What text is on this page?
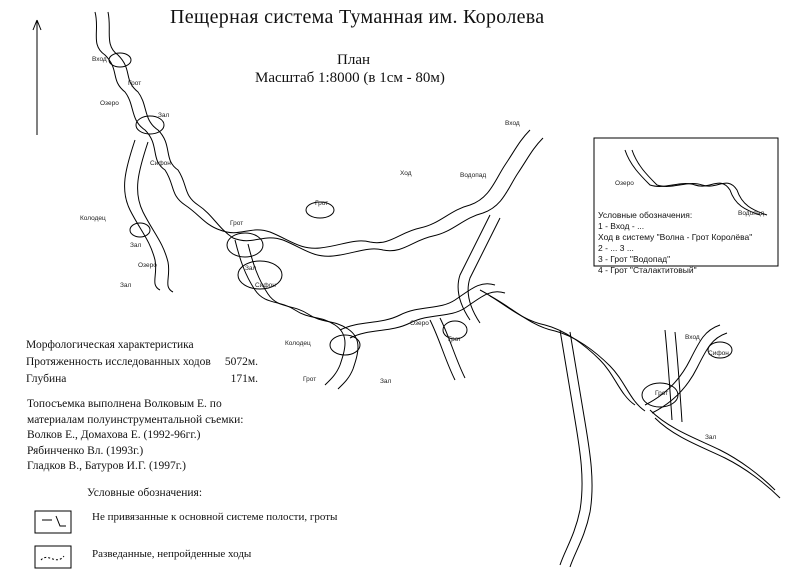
Пещерная система Туманная им. Королева
План
Масштаб 1:8000 (в 1см - 80м)
Морфологическая характеристика
Протяженность исследованных ходов 5072м.
Глубина	171м.
Топосъемка выполнена Волковым Е. по
материалам полуинструментальной съемки:
Волков Е., Домахова Е. (1992-96гг.)
Рябинченко Вл. (1993г.)
Гладков В., Батуров И.Г. (1997г.)
Условные обозначения:
Не привязанные к основной системе полости, гроты
Разведанные, непройденные ходы
Условные обозначения:
1 - Вход - ...
Ход в систему "Волна - Грот Королёва"
2 - ... 3 ...
3 - Грот "Водопад"
4 - Грот "Сталактитовый"
Вход
Грот
Озеро
Зал
Сифон
Колодец
Озеро
Зал
Грот
Грот
Ход
Вход
Водопад
Зал
Сифон
Колодец
Грот	Зал
Озеро
Грот	Вход
Сифон
Грот
Зал
Озеро
Водопад
Зал
